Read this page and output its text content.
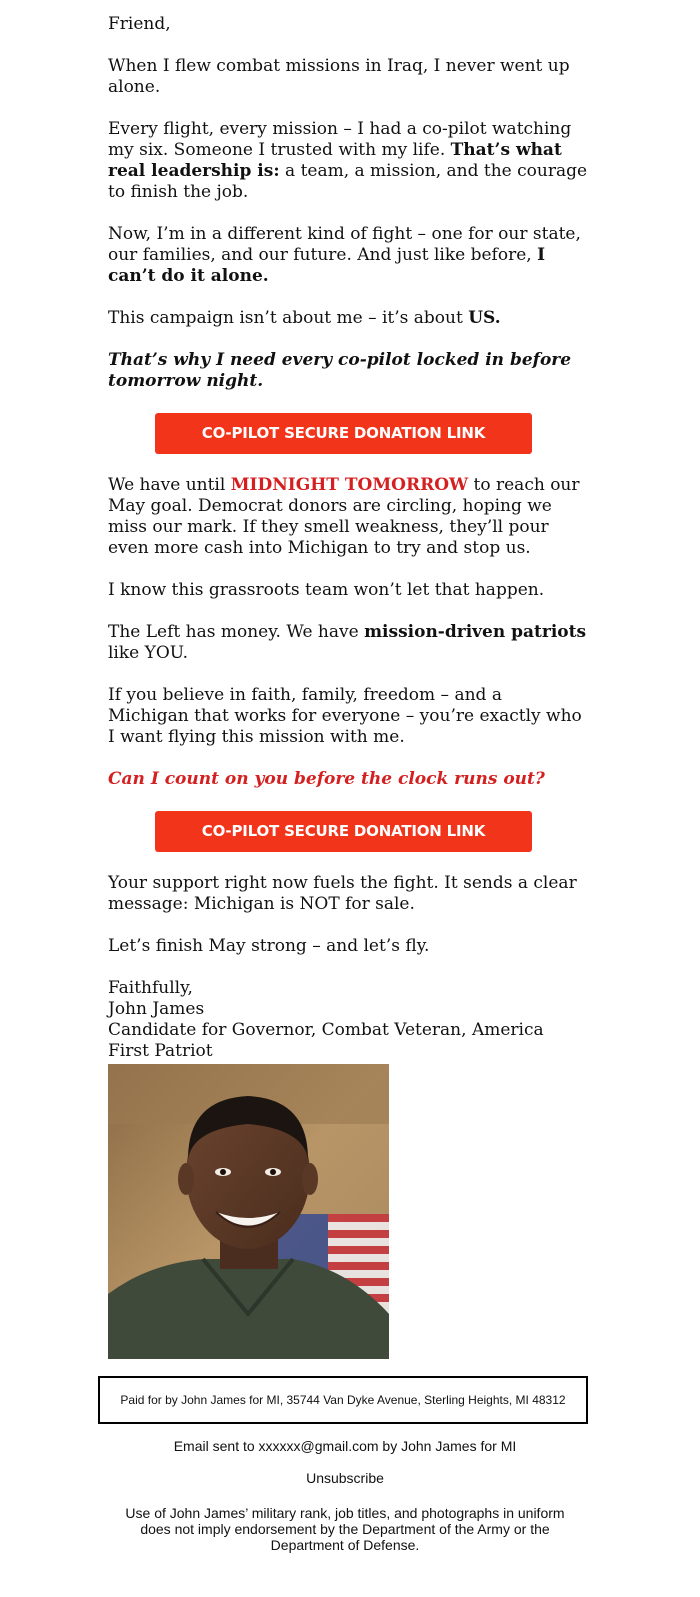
Friend,

When I flew combat missions in Iraq, I never went up alone.

Every flight, every mission – I had a co-pilot watching my six. Someone I trusted with my life. That’s what real leadership is: a team, a mission, and the courage to finish the job.

Now, I’m in a different kind of fight – one for our state, our families, and our future. And just like before, I can’t do it alone.

This campaign isn’t about me – it’s about US.

That’s why I need every co-pilot locked in before tomorrow night.

CO-PILOT SECURE DONATION LINK

We have until MIDNIGHT TOMORROW to reach our May goal. Democrat donors are circling, hoping we miss our mark. If they smell weakness, they’ll pour even more cash into Michigan to try and stop us.

I know this grassroots team won’t let that happen.

The Left has money. We have mission-driven patriots like YOU.

If you believe in faith, family, freedom – and a Michigan that works for everyone – you’re exactly who I want flying this mission with me.

Can I count on you before the clock runs out?

CO-PILOT SECURE DONATION LINK

Your support right now fuels the fight. It sends a clear message: Michigan is NOT for sale.

Let’s finish May strong – and let’s fly.

Faithfully,

John James

Candidate for Governor, Combat Veteran, America First Patriot

Paid for by John James for MI, 35744 Van Dyke Avenue, Sterling Heights, MI 48312
Email sent to xxxxxx@gmail.com by John James for MI
Unsubscribe
Use of John James’ military rank, job titles, and photographs in uniform does not imply endorsement by the Department of the Army or the Department of Defense.
